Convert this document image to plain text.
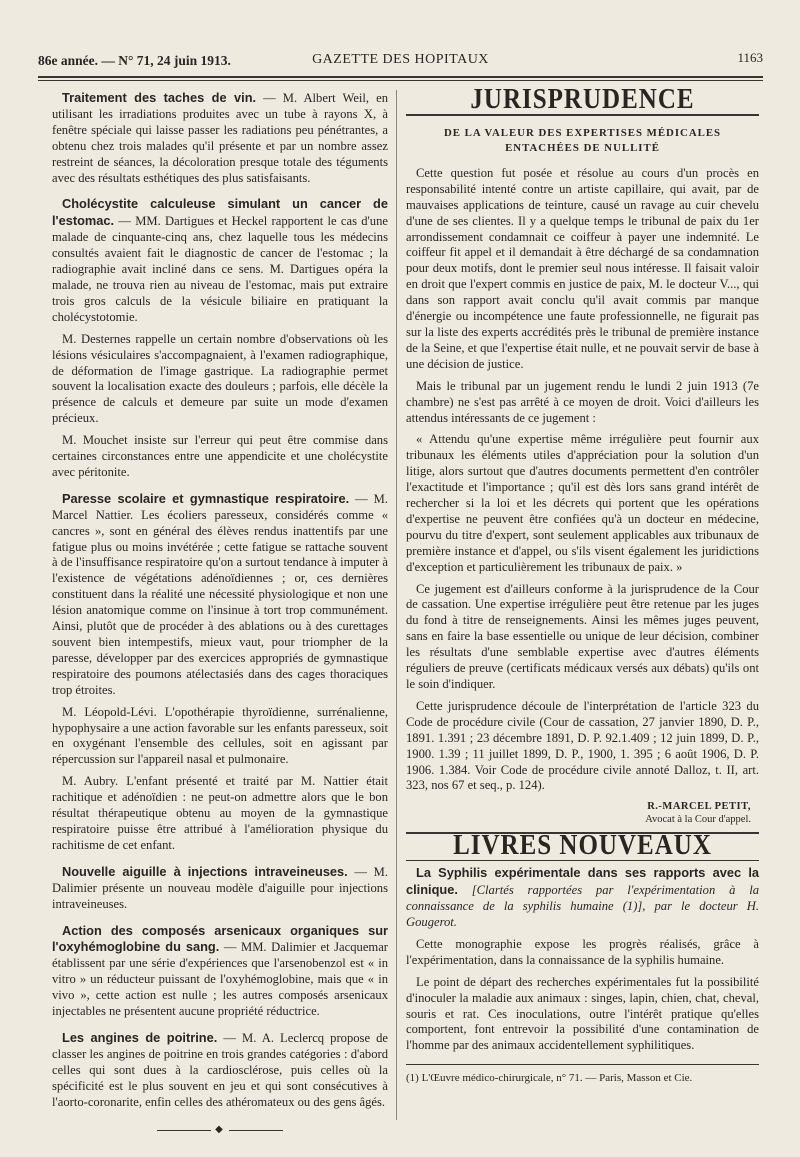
86e année. — N° 71, 24 juin 1913.	GAZETTE DES HOPITAUX	1163
Traitement des taches de vin. — M. Albert Weil, en utilisant les irradiations produites avec un tube à rayons X, à fenêtre spéciale qui laisse passer les radiations peu pénétrantes, a obtenu chez trois malades qu'il présente et par un nombre assez restreint de séances, la décoloration presque totale des téguments avec des résultats esthétiques des plus satisfaisants.
Cholécystite calculeuse simulant un cancer de l'estomac. — MM. Dartigues et Heckel rapportent le cas d'une malade de cinquante-cinq ans, chez laquelle tous les médecins consultés avaient fait le diagnostic de cancer de l'estomac ; la radiographie avait incliné dans ce sens. M. Dartigues opéra la malade, ne trouva rien au niveau de l'estomac, mais put extraire trois gros calculs de la vésicule biliaire en pratiquant la cholécystotomie.

M. Desternes rappelle un certain nombre d'observations où les lésions vésiculaires s'accompagnaient, à l'examen radiographique, de déformation de l'image gastrique. La radiographie permet souvent la localisation exacte des douleurs ; parfois, elle décèle la présence de calculs et demeure par suite un mode d'examen précieux.

M. Mouchet insiste sur l'erreur qui peut être commise dans certaines circonstances entre une appendicite et une cholécystite avec péritonite.

Paresse scolaire et gymnastique respiratoire. — M. Marcel Nattier. Les écoliers paresseux, considérés comme « cancres », sont en général des élèves rendus inattentifs par une fatigue plus ou moins invétérée ; cette fatigue se rattache souvent à de l'insuffisance respiratoire qu'on a surtout tendance à imputer à l'existence de végétations adénoïdiennes ; or, ces dernières constituent dans la réalité une nécessité physiologique et non une lésion anatomique comme on l'insinue à tort trop communément. Ainsi, plutôt que de procéder à des ablations ou à des curettages souvent bien intempestifs, mieux vaut, pour triompher de la paresse, développer par des exercices appropriés de gymnastique respiratoire des poumons atélectasiés dans des cages thoraciques trop étroites.

M. Léopold-Lévi. L'opothérapie thyroïdienne, surrénalienne, hypophysaire a une action favorable sur les enfants paresseux, soit en oxygénant l'ensemble des cellules, soit en agissant par répercussion sur l'appareil nasal et pulmonaire.

M. Aubry. L'enfant présenté et traité par M. Nattier était rachitique et adénoïdien : ne peut-on admettre alors que le bon résultat thérapeutique obtenu au moyen de la gymnastique respiratoire puisse être attribué à l'amélioration physique du rachitisme de cet enfant.

Nouvelle aiguille à injections intraveineuses. — M. Dalimier présente un nouveau modèle d'aiguille pour injections intraveineuses.
Action des composés arsenicaux organiques sur l'oxyhémoglobine du sang. — MM. Dalimier et Jacquemar établissent par une série d'expériences que l'arsenobenzol est « in vitro » un réducteur puissant de l'oxyhémoglobine, mais que « in vivo », cette action est nulle ; les autres composés arsenicaux injectables ne présentent aucune propriété réductrice.
Les angines de poitrine. — M. A. Leclercq propose de classer les angines de poitrine en trois grandes catégories : d'abord celles qui sont dues à la cardiosclérose, puis celles où la spécificité est le plus souvent en jeu et qui sont consécutives à l'aorto-coronarite, enfin celles des athéromateux ou des gens âgés.
◆
JURISPRUDENCE
DE LA VALEUR DES EXPERTISES MÉDICALES ENTACHÉES DE NULLITÉ

Cette question fut posée et résolue au cours d'un procès en responsabilité intenté contre un artiste capillaire, qui avait, par de mauvaises applications de teinture, causé un ravage au cuir chevelu d'une de ses clientes. Il y a quelque temps le tribunal de paix du 1er arrondissement condamnait ce coiffeur à payer une indemnité. Le coiffeur fit appel et il demandait à être déchargé de sa condamnation pour deux motifs, dont le premier seul nous intéresse. Il faisait valoir en droit que l'expert commis en justice de paix, M. le docteur V..., qui dans son rapport avait conclu qu'il avait commis par manque d'énergie ou incompétence une faute professionnelle, ne figurait pas sur la liste des experts accrédités près le tribunal de première instance de la Seine, et que l'expertise était nulle, et ne pouvait servir de base à une décision de justice.

Mais le tribunal par un jugement rendu le lundi 2 juin 1913 (7e chambre) ne s'est pas arrêté à ce moyen de droit. Voici d'ailleurs les attendus intéressants de ce jugement :

« Attendu qu'une expertise même irrégulière peut fournir aux tribunaux les éléments utiles d'appréciation pour la solution d'un litige, alors surtout que d'autres documents permettent d'en contrôler l'exactitude et l'importance ; qu'il est dès lors sans grand intérêt de rechercher si la loi et les décrets qui portent que les opérations d'expertise ne peuvent être confiées qu'à un docteur en médecine, pourvu du titre d'expert, sont seulement applicables aux tribunaux de première instance et d'appel, ou s'ils visent également les juridictions d'exception et particulièrement les tribunaux de paix. »

Ce jugement est d'ailleurs conforme à la jurisprudence de la Cour de cassation. Une expertise irrégulière peut être retenue par les juges du fond à titre de renseignements. Ainsi les mêmes juges peuvent, sans en faire la base essentielle ou unique de leur décision, combiner les résultats d'une semblable expertise avec d'autres éléments réguliers de preuve (certificats médicaux versés aux débats) qu'ils ont le soin d'indiquer.

Cette jurisprudence découle de l'interprétation de l'article 323 du Code de procédure civile (Cour de cassation, 27 janvier 1890, D. P., 1891. 1.391 ; 23 décembre 1891, D. P. 92.1.409 ; 12 juin 1899, D. P., 1900. 1.39 ; 11 juillet 1899, D. P., 1900, 1. 395 ; 6 août 1906, D. P. 1906. 1.384. Voir Code de procédure civile annoté Dalloz, t. II, art. 323, nos 67 et seq., p. 124).

R.-MARCEL PETIT,
Avocat à la Cour d'appel.
LIVRES NOUVEAUX
La Syphilis expérimentale dans ses rapports avec la clinique. [Clartés rapportées par l'expérimentation à la connaissance de la syphilis humaine (1)], par le docteur H. Gougerot.

Cette monographie expose les progrès réalisés, grâce à l'expérimentation, dans la connaissance de la syphilis humaine.

Le point de départ des recherches expérimentales fut la possibilité d'inoculer la maladie aux animaux : singes, lapin, chien, chat, cheval, souris et rat. Ces inoculations, outre l'intérêt pratique qu'elles comportent, font entrevoir la possibilité d'une contamination de l'homme par des animaux accidentellement syphilitiques.

(1) L'Œuvre médico-chirurgicale, n° 71. — Paris, Masson et Cie.
